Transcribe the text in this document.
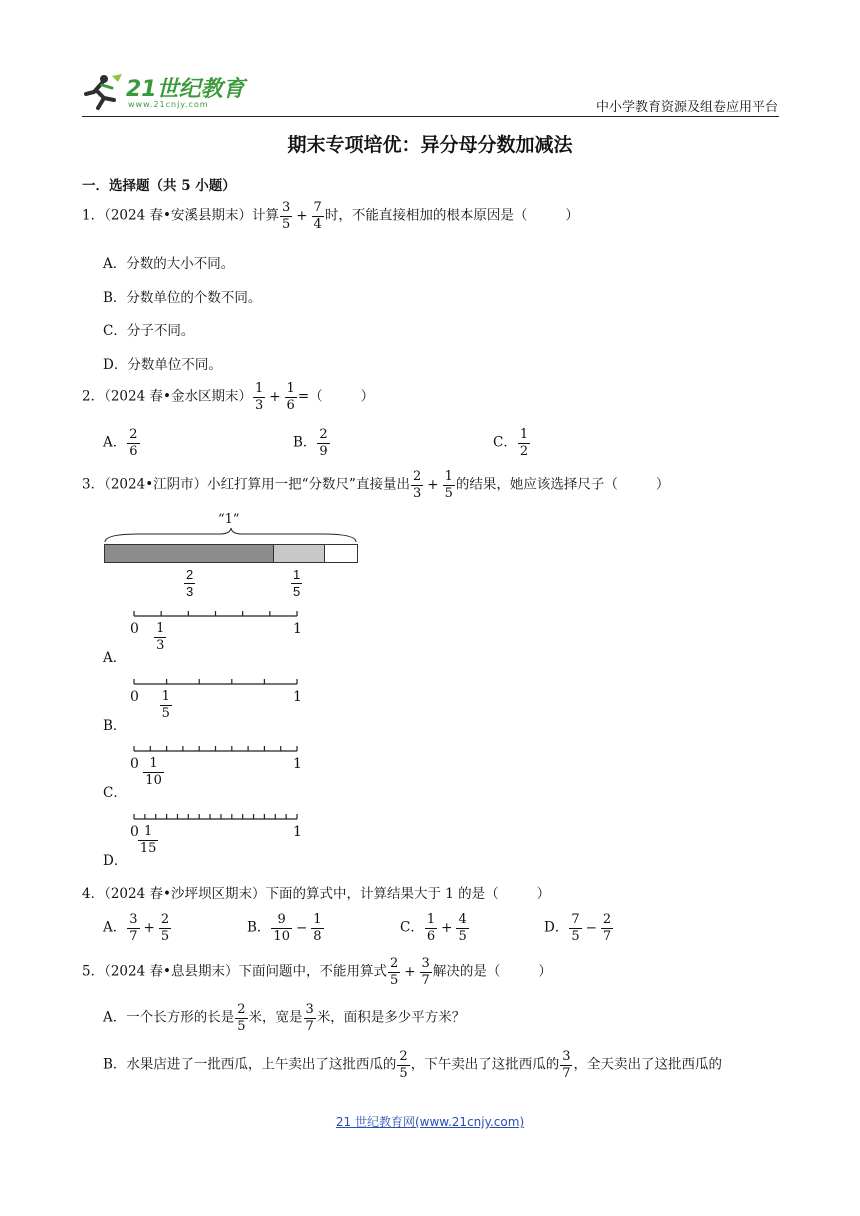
21世纪教育
www.21cnjy.com	中小学教育资源及组卷应用平台
期末专项培优：异分母分数加减法
一．选择题（共 5 小题）
1．（2024 春•安溪县期末）计算 $\frac{3}{5} + \frac{7}{4}$ 时，不能直接相加的根本原因是（	）
A．分数的大小不同。
B．分数单位的个数不同。
C．分子不同。
D．分数单位不同。
2．（2024 春•金水区期末） $\frac{1}{3} + \frac{1}{6}$ =（	）
A． $\frac{2}{6}$	B． $\frac{2}{9}$	C． $\frac{1}{2}$
3．（2024•江阴市）小红打算用一把“分数尺”直接量出 $\frac{2}{3} + \frac{1}{5}$ 的结果，她应该选择尺子（	）
“1”
$\frac{2}{3}$	$\frac{1}{5}$
0	1
$\frac{1}{3}$
A．
0	1
$\frac{1}{5}$
B．
0	1
$\frac{1}{10}$
C．
0	1
$\frac{1}{15}$
D．
4．（2024 春•沙坪坝区期末）下面的算式中，计算结果大于 1 的是（	）
A． $\frac{3}{7} + \frac{2}{5}$	B． $\frac{9}{10} - \frac{1}{8}$	C． $\frac{1}{6} + \frac{4}{5}$	D． $\frac{7}{5} - \frac{2}{7}$
5．（2024 春•息县期末）下面问题中，不能用算式 $\frac{2}{5} + \frac{3}{7}$ 解决的是（	）
A．一个长方形的长是 $\frac{2}{5}$ 米，宽是 $\frac{3}{7}$ 米，面积是多少平方米？
B．水果店进了一批西瓜，上午卖出了这批西瓜的 $\frac{2}{5}$ ，下午卖出了这批西瓜的 $\frac{3}{7}$ ，全天卖出了这批西瓜的
21 世纪教育网(www.21cnjy.com)
